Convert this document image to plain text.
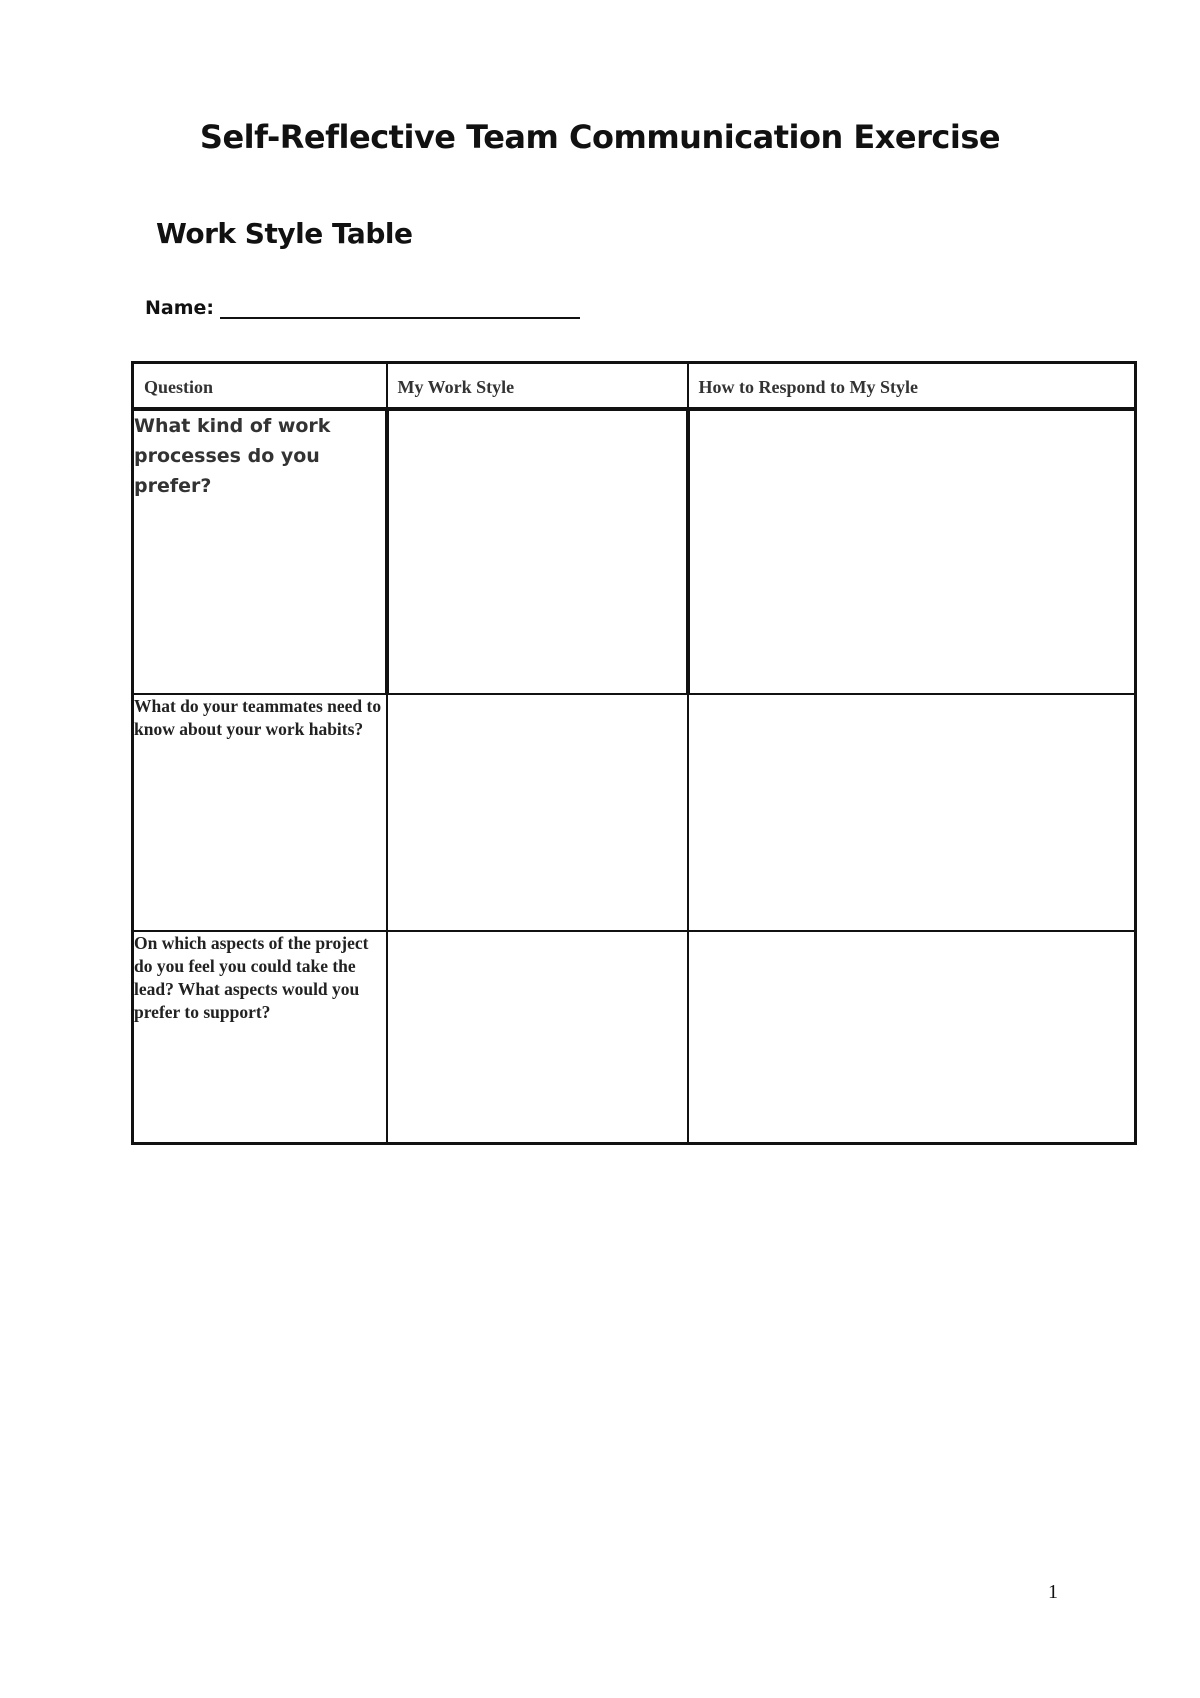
Self-Reflective Team Communication Exercise
Work Style Table
Name:
Question	My Work Style	How to Respond to My Style
What kind of work processes do you prefer?		
What do your teammates need to know about your work habits?		
On which aspects of the project do you feel you could take the lead? What aspects would you prefer to support?		
1
